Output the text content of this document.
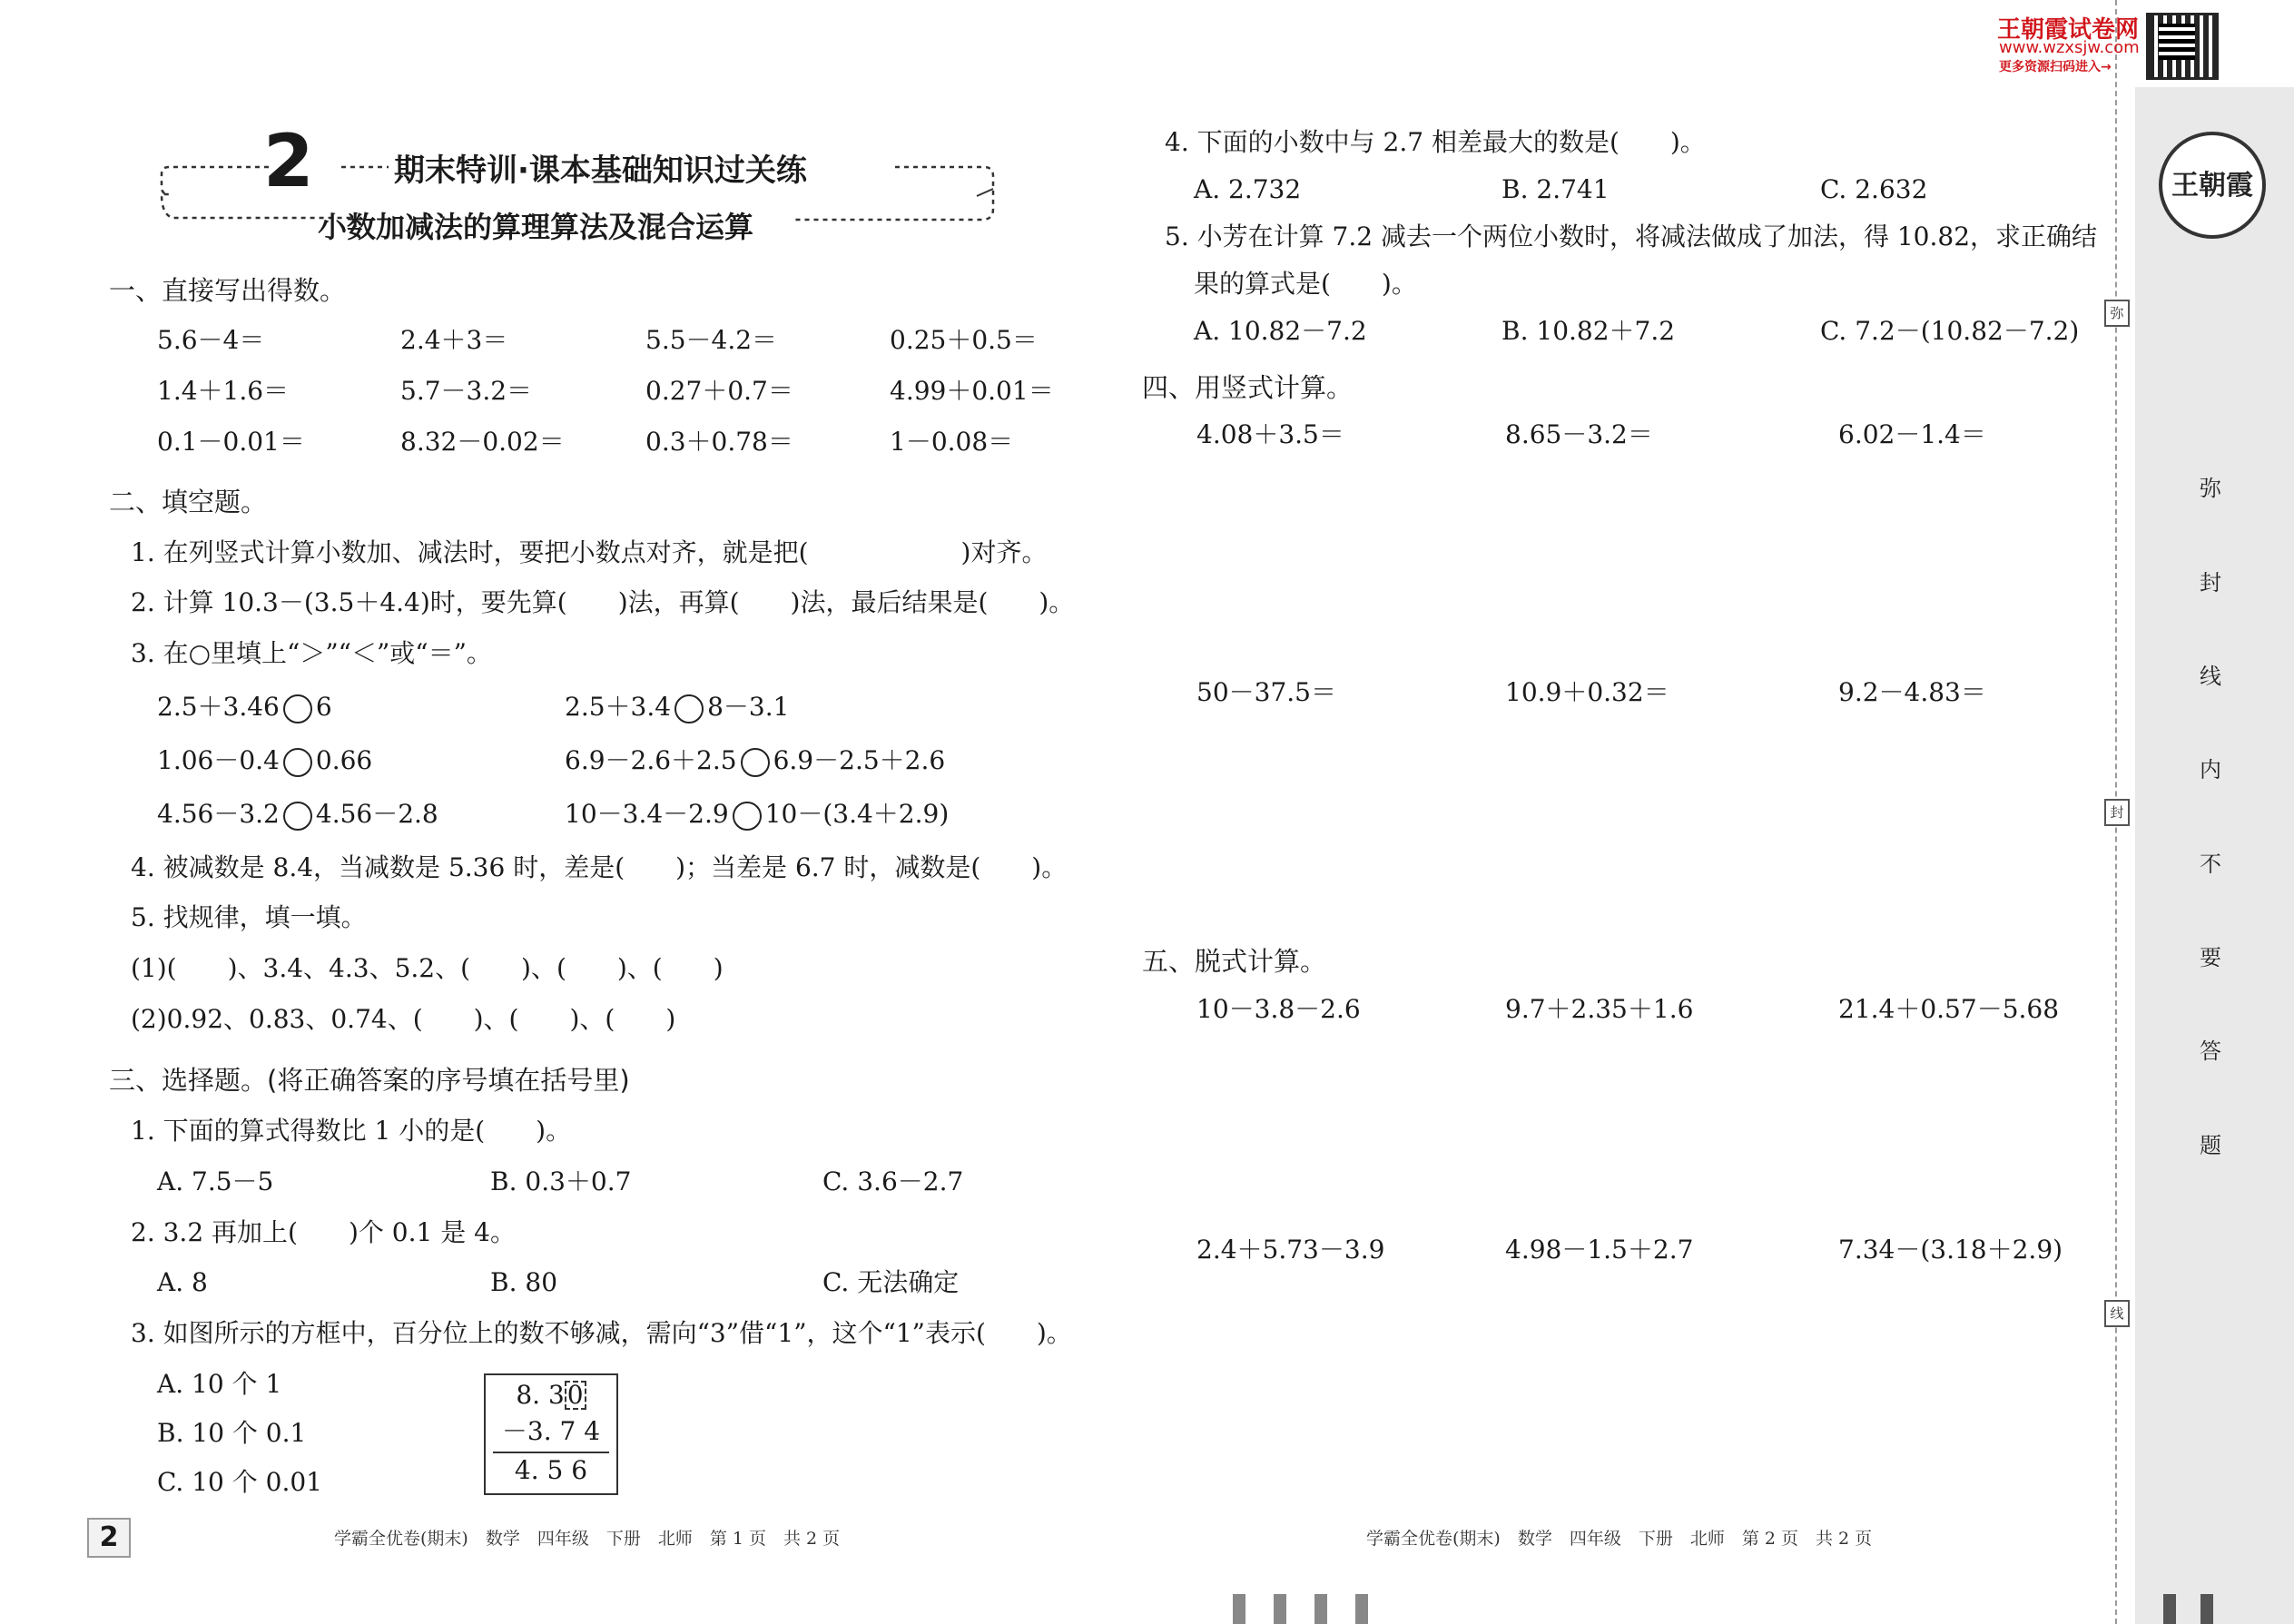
王朝霞试卷网
www.wzxsjw.com
更多资源扫码进入→
王朝霞
弥
封
线
内
不
要
答
题
弥
封
线
2	期末特训·课本基础知识过关练
小数加减法的算理算法及混合运算
一、直接写出得数。
5.6－4＝	2.4＋3＝	5.5－4.2＝	0.25＋0.5＝
1.4＋1.6＝	5.7－3.2＝	0.27＋0.7＝	4.99＋0.01＝
0.1－0.01＝	8.32－0.02＝	0.3＋0.78＝	1－0.08＝
二、填空题。
1. 在列竖式计算小数加、减法时，要把小数点对齐，就是把(　　　　　　)对齐。
2. 计算 10.3－(3.5＋4.4)时，要先算(　　)法，再算(　　)法，最后结果是(　　)。
3. 在○里填上“＞”“＜”或“＝”。
2.5＋3.46 6	2.5＋3.4 8－3.1
1.06－0.4 0.66	6.9－2.6＋2.5 6.9－2.5＋2.6
4.56－3.2 4.56－2.8	10－3.4－2.9 10－(3.4＋2.9)
4. 被减数是 8.4，当减数是 5.36 时，差是(　　)；当差是 6.7 时，减数是(　　)。
5. 找规律，填一填。
(1)(　　)、3.4、4.3、5.2、(　　)、(　　)、(　　)
(2)0.92、0.83、0.74、(　　)、(　　)、(　　)
三、选择题。(将正确答案的序号填在括号里)
1. 下面的算式得数比 1 小的是(　　)。
A. 7.5－5	B. 0.3＋0.7	C. 3.6－2.7
2. 3.2 再加上(　　)个 0.1 是 4。
A. 8	B. 80	C. 无法确定
3. 如图所示的方框中，百分位上的数不够减，需向“3”借“1”，这个“1”表示(　　)。
A. 10 个 1
B. 10 个 0.1
C. 10 个 0.01
8. 3 0
－3. 7 4
4. 5 6
4. 下面的小数中与 2.7 相差最大的数是(　　)。
A. 2.732	B. 2.741	C. 2.632
5. 小芳在计算 7.2 减去一个两位小数时，将减法做成了加法，得 10.82，求正确结
果的算式是(　　)。
A. 10.82－7.2	B. 10.82＋7.2	C. 7.2－(10.82－7.2)
四、用竖式计算。
4.08＋3.5＝	8.65－3.2＝	6.02－1.4＝
50－37.5＝	10.9＋0.32＝	9.2－4.83＝
五、脱式计算。
10－3.8－2.6	9.7＋2.35＋1.6	21.4＋0.57－5.68
2.4＋5.73－3.9	4.98－1.5＋2.7	7.34－(3.18＋2.9)
2	学霸全优卷(期末)　数学　四年级　下册　北师　第 1 页　共 2 页	学霸全优卷(期末)　数学　四年级　下册　北师　第 2 页　共 2 页
